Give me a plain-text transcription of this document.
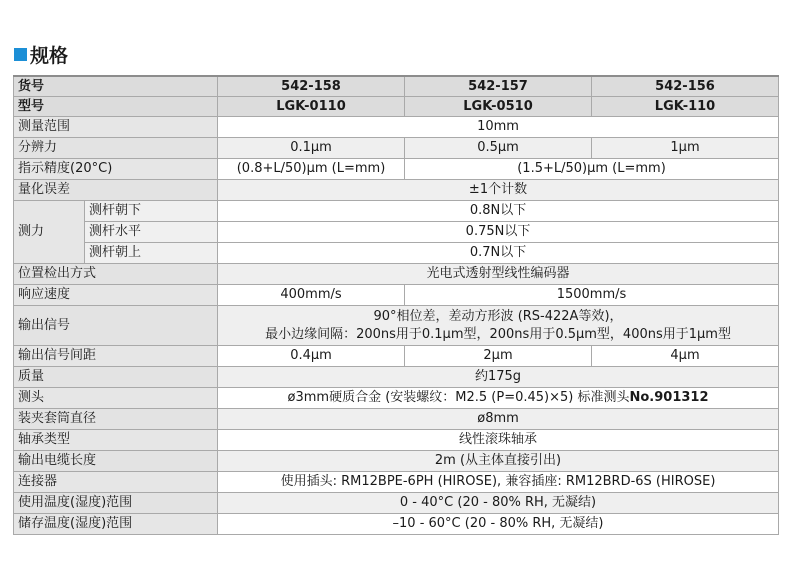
规格
货号		542-158	542-157	542-156
型号		LGK-0110	LGK-0510	LGK-110
测量范围		10mm		
分辨力		0.1μm	0.5μm	1μm
指示精度(20°C)		(0.8+L/50)μm (L=mm)	(1.5+L/50)μm (L=mm)	
量化误差		±1个计数		
测力	测杆朝下	0.8N以下		
	测杆水平	0.75N以下		
	测杆朝上	0.7N以下		
位置检出方式		光电式透射型线性编码器		
响应速度		400mm/s	1500mm/s	
输出信号		90°相位差，差动方形波 (RS-422A等效)，
最小边缘间隔：200ns用于0.1μm型，200ns用于0.5μm型，400ns用于1μm型		

输出信号间距		0.4μm	2μm	4μm
质量		约175g		
测头		ø3mm硬质合金 (安装螺纹：M2.5 (P=0.45)×5) 标准测头No.901312		
装夹套筒直径		ø8mm		
轴承类型		线性滚珠轴承		
输出电缆长度		2m (从主体直接引出)		
连接器		使用插头: RM12BPE-6PH (HIROSE), 兼容插座: RM12BRD-6S (HIROSE)		
使用温度(湿度)范围		0 - 40°C (20 - 80% RH, 无凝结)		
储存温度(湿度)范围		–10 - 60°C (20 - 80% RH, 无凝结)		
